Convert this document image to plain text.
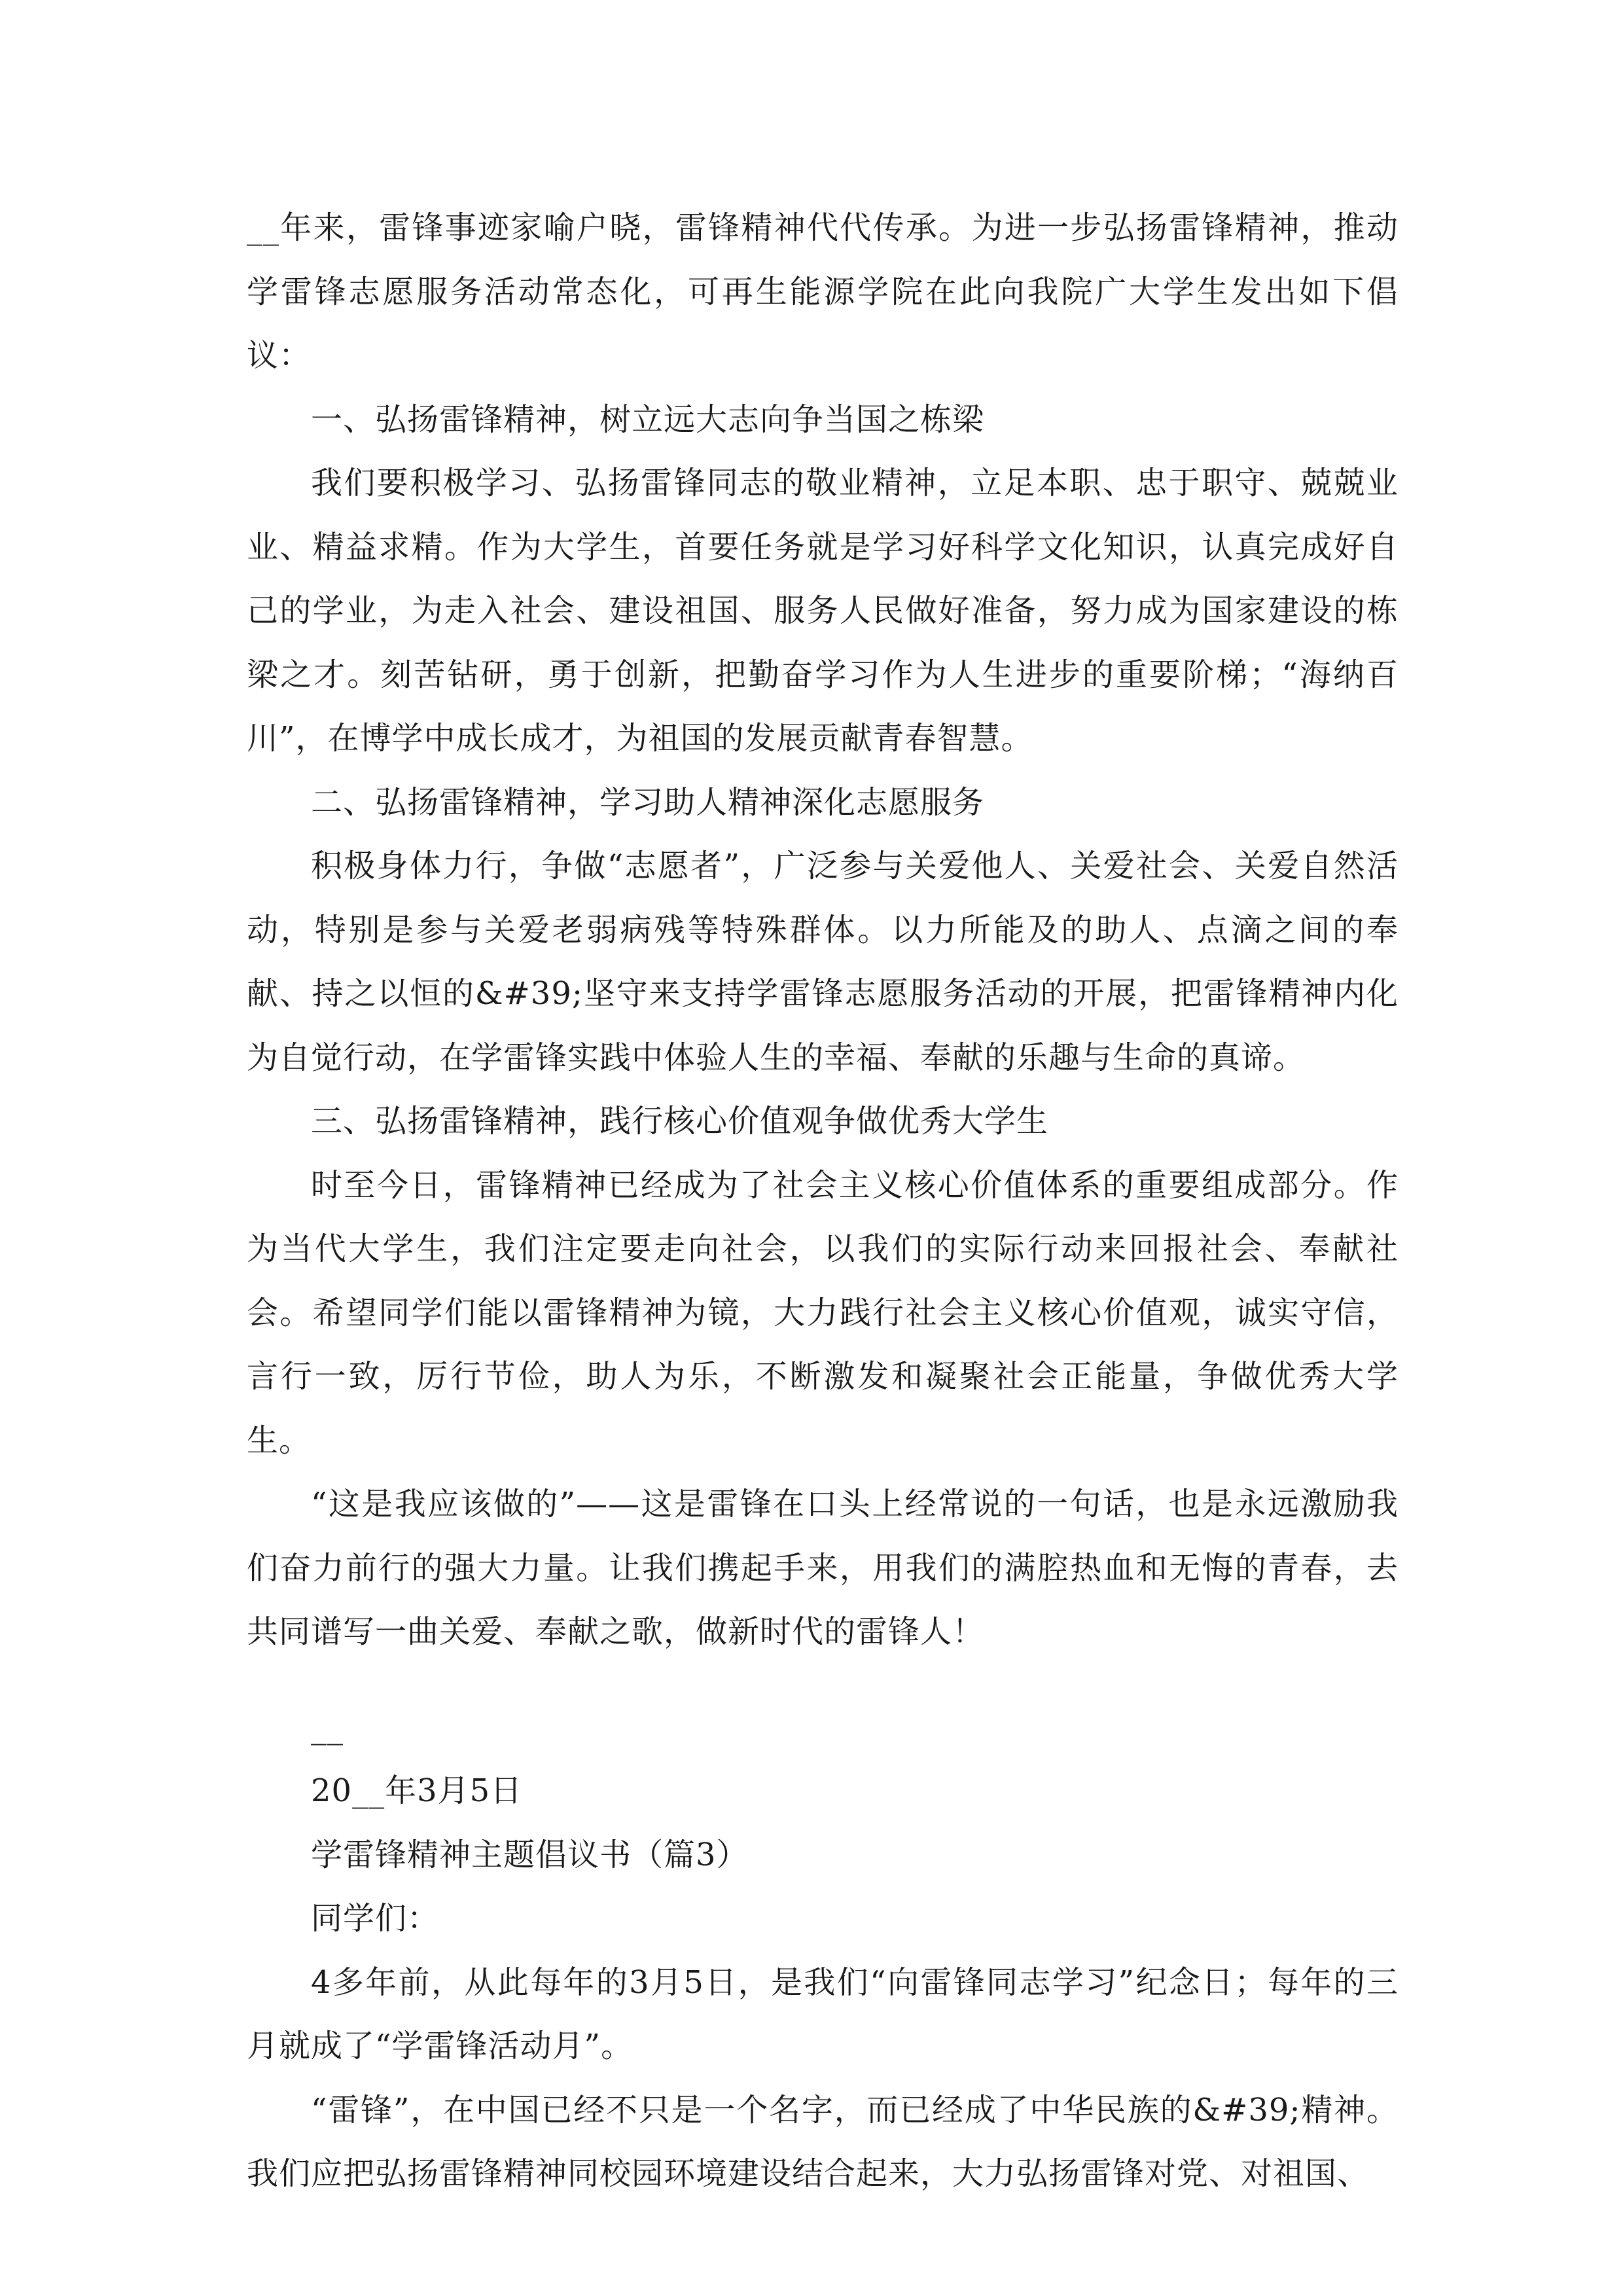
__年来，雷锋事迹家喻户晓，雷锋精神代代传承。为进一步弘扬雷锋精神，推动学雷锋志愿服务活动常态化，可再生能源学院在此向我院广大学生发出如下倡议：

一、弘扬雷锋精神，树立远大志向争当国之栋梁

我们要积极学习、弘扬雷锋同志的敬业精神，立足本职、忠于职守、兢兢业业、精益求精。作为大学生，首要任务就是学习好科学文化知识，认真完成好自己的学业，为走入社会、建设祖国、服务人民做好准备，努力成为国家建设的栋梁之才。刻苦钻研，勇于创新，把勤奋学习作为人生进步的重要阶梯；“海纳百川”，在博学中成长成才，为祖国的发展贡献青春智慧。

二、弘扬雷锋精神，学习助人精神深化志愿服务

积极身体力行，争做“志愿者”，广泛参与关爱他人、关爱社会、关爱自然活动，特别是参与关爱老弱病残等特殊群体。以力所能及的助人、点滴之间的奉献、持之以恒的&#39;坚守来支持学雷锋志愿服务活动的开展，把雷锋精神内化为自觉行动，在学雷锋实践中体验人生的幸福、奉献的乐趣与生命的真谛。

三、弘扬雷锋精神，践行核心价值观争做优秀大学生

时至今日，雷锋精神已经成为了社会主义核心价值体系的重要组成部分。作为当代大学生，我们注定要走向社会，以我们的实际行动来回报社会、奉献社会。希望同学们能以雷锋精神为镜，大力践行社会主义核心价值观，诚实守信，言行一致，厉行节俭，助人为乐，不断激发和凝聚社会正能量，争做优秀大学生。

“这是我应该做的”——这是雷锋在口头上经常说的一句话，也是永远激励我们奋力前行的强大力量。让我们携起手来，用我们的满腔热血和无悔的青春，去共同谱写一曲关爱、奉献之歌，做新时代的雷锋人！

__

20__年3月5日

学雷锋精神主题倡议书（篇3）

同学们：

4多年前，从此每年的3月5日，是我们“向雷锋同志学习”纪念日；每年的三月就成了“学雷锋活动月”。

“雷锋”，在中国已经不只是一个名字，而已经成了中华民族的&#39;精神。我们应把弘扬雷锋精神同校园环境建设结合起来，大力弘扬雷锋对党、对祖国、
